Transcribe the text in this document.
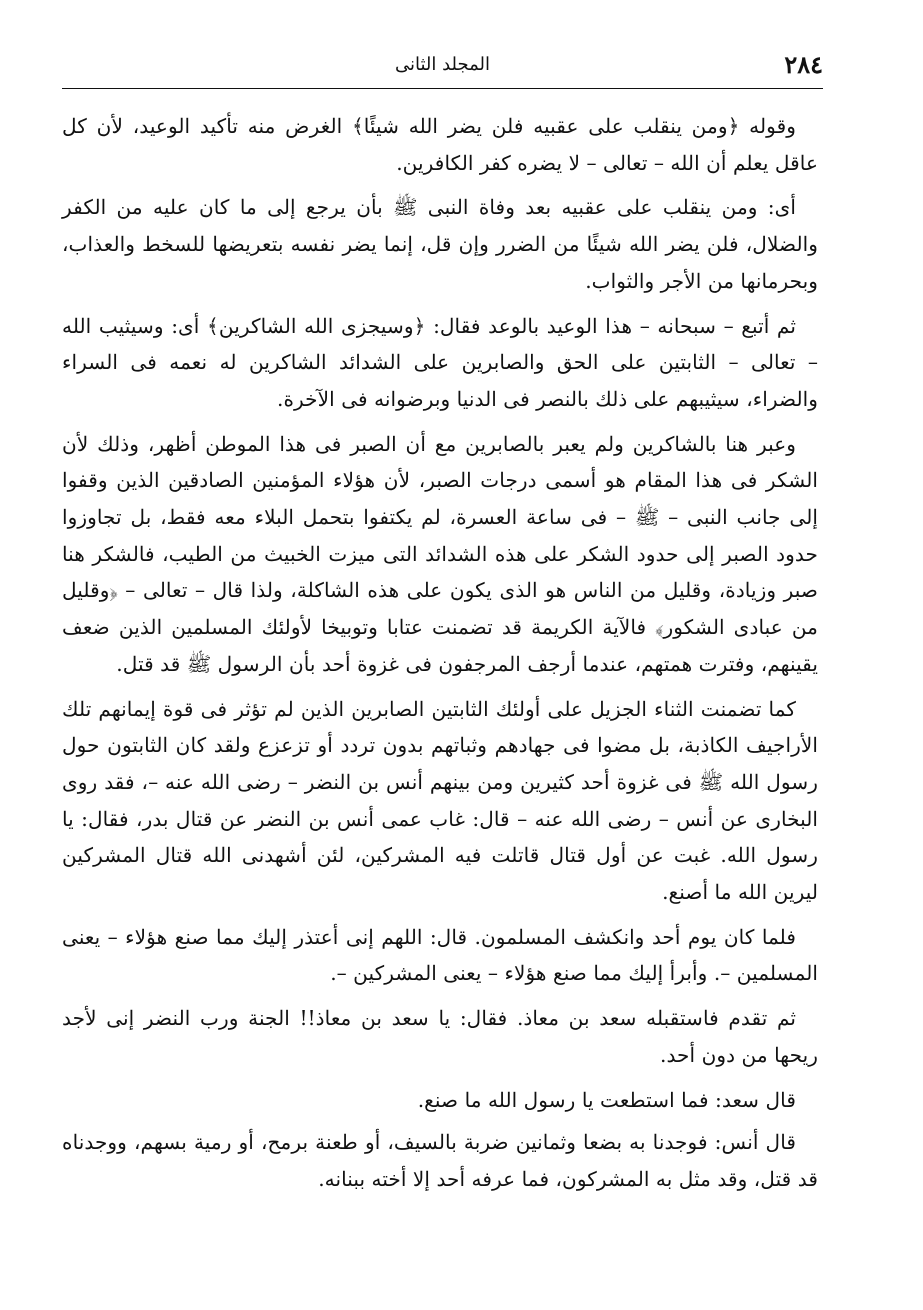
٢٨٤
المجلد الثانى

وقوله ﴿ومن ينقلب على عقبيه فلن يضر الله شيئًا﴾ الغرض منه تأكيد الوعيد، لأن كل عاقل يعلم أن الله – تعالى – لا يضره كفر الكافرين.

أى: ومن ينقلب على عقبيه بعد وفاة النبى ﷺ بأن يرجع إلى ما كان عليه من الكفر والضلال، فلن يضر الله شيئًا من الضرر وإن قل، إنما يضر نفسه بتعريضها للسخط والعذاب، وبحرمانها من الأجر والثواب.

ثم أتبع – سبحانه – هذا الوعيد بالوعد فقال: ﴿وسيجزى الله الشاكرين﴾ أى: وسيثيب الله – تعالى – الثابتين على الحق والصابرين على الشدائد الشاكرين له نعمه فى السراء والضراء، سيثيبهم على ذلك بالنصر فى الدنيا وبرضوانه فى الآخرة.

وعبر هنا بالشاكرين ولم يعبر بالصابرين مع أن الصبر فى هذا الموطن أظهر، وذلك لأن الشكر فى هذا المقام هو أسمى درجات الصبر، لأن هؤلاء المؤمنين الصادقين الذين وقفوا إلى جانب النبى – ﷺ – فى ساعة العسرة، لم يكتفوا بتحمل البلاء معه فقط، بل تجاوزوا حدود الصبر إلى حدود الشكر على هذه الشدائد التى ميزت الخبيث من الطيب، فالشكر هنا صبر وزيادة، وقليل من الناس هو الذى يكون على هذه الشاكلة، ولذا قال – تعالى – ﴿وقليل من عبادى الشكور﴾ فالآية الكريمة قد تضمنت عتابا وتوبيخا لأولئك المسلمين الذين ضعف يقينهم، وفترت همتهم، عندما أرجف المرجفون فى غزوة أحد بأن الرسول ﷺ قد قتل.

كما تضمنت الثناء الجزيل على أولئك الثابتين الصابرين الذين لم تؤثر فى قوة إيمانهم تلك الأراجيف الكاذبة، بل مضوا فى جهادهم وثباتهم بدون تردد أو تزعزع ولقد كان الثابتون حول رسول الله ﷺ فى غزوة أحد كثيرين ومن بينهم أنس بن النضر – رضى الله عنه –، فقد روى البخارى عن أنس – رضى الله عنه – قال: غاب عمى أنس بن النضر عن قتال بدر، فقال: يا رسول الله. غبت عن أول قتال قاتلت فيه المشركين، لئن أشهدنى الله قتال المشركين ليرين الله ما أصنع.

فلما كان يوم أحد وانكشف المسلمون. قال: اللهم إنى أعتذر إليك مما صنع هؤلاء – يعنى المسلمين –. وأبرأ إليك مما صنع هؤلاء – يعنى المشركين –.

ثم تقدم فاستقبله سعد بن معاذ. فقال: يا سعد بن معاذ!! الجنة ورب النضر إنى لأجد ريحها من دون أحد.

قال سعد: فما استطعت يا رسول الله ما صنع.

قال أنس: فوجدنا به بضعا وثمانين ضربة بالسيف، أو طعنة برمح، أو رمية بسهم، ووجدناه قد قتل، وقد مثل به المشركون، فما عرفه أحد إلا أخته ببنانه.
